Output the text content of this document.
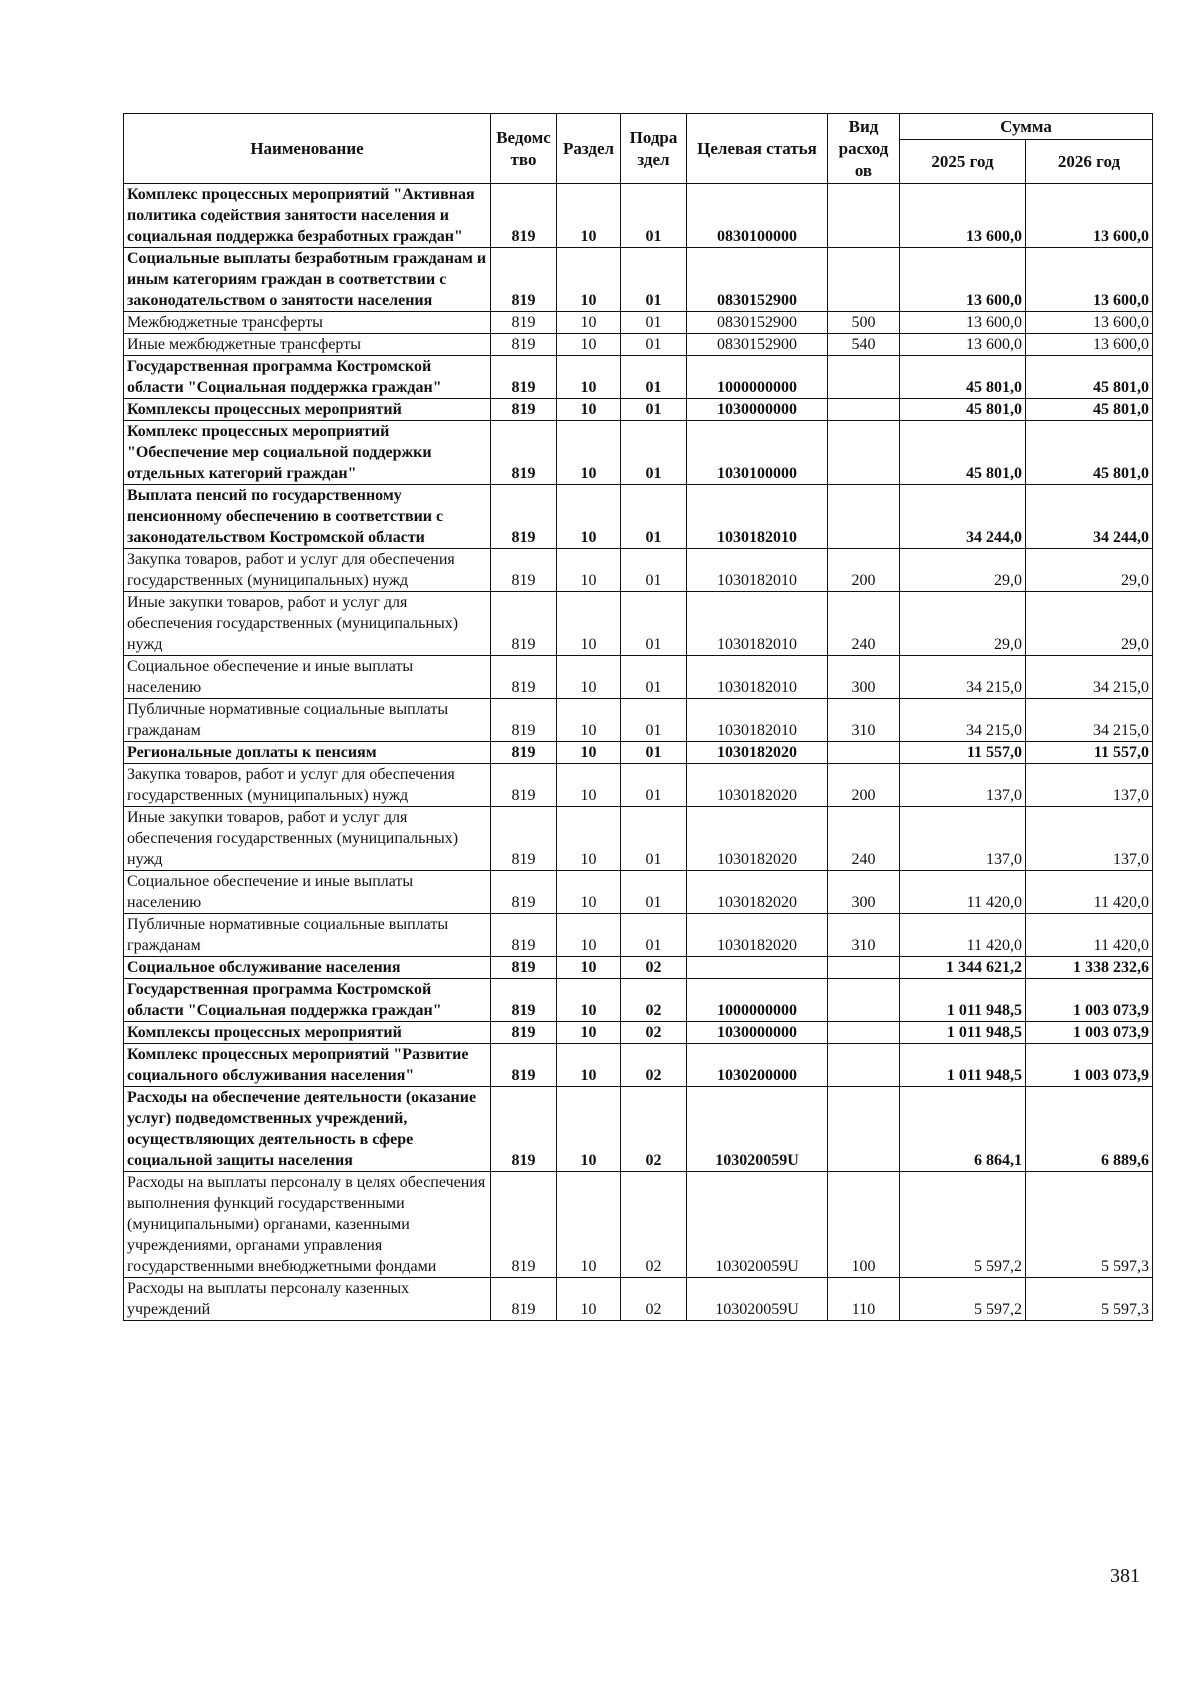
Наименование	Ведомс тво	Раздел	Подра здел	Целевая статья	Вид расход ов	Сумма	
						2025 год	2026 год
Комплекс процессных мероприятий "Активная политика содействия занятости населения и социальная поддержка безработных граждан"	819	10	01	0830100000		13 600,0	13 600,0
Социальные выплаты безработным гражданам и иным категориям граждан в соответствии с законодательством о занятости населения	819	10	01	0830152900		13 600,0	13 600,0
Межбюджетные трансферты	819	10	01	0830152900	500	13 600,0	13 600,0
Иные межбюджетные трансферты	819	10	01	0830152900	540	13 600,0	13 600,0
Государственная программа Костромской области "Социальная поддержка граждан"	819	10	01	1000000000		45 801,0	45 801,0
Комплексы процессных мероприятий	819	10	01	1030000000		45 801,0	45 801,0
Комплекс процессных мероприятий "Обеспечение мер социальной поддержки отдельных категорий граждан"	819	10	01	1030100000		45 801,0	45 801,0
Выплата пенсий по государственному пенсионному обеспечению в соответствии с законодательством Костромской области	819	10	01	1030182010		34 244,0	34 244,0
Закупка товаров, работ и услуг для обеспечения государственных (муниципальных) нужд	819	10	01	1030182010	200	29,0	29,0
Иные закупки товаров, работ и услуг для обеспечения государственных (муниципальных) нужд	819	10	01	1030182010	240	29,0	29,0
Социальное обеспечение и иные выплаты населению	819	10	01	1030182010	300	34 215,0	34 215,0
Публичные нормативные социальные выплаты гражданам	819	10	01	1030182010	310	34 215,0	34 215,0
Региональные доплаты к пенсиям	819	10	01	1030182020		11 557,0	11 557,0
Закупка товаров, работ и услуг для обеспечения государственных (муниципальных) нужд	819	10	01	1030182020	200	137,0	137,0
Иные закупки товаров, работ и услуг для обеспечения государственных (муниципальных) нужд	819	10	01	1030182020	240	137,0	137,0
Социальное обеспечение и иные выплаты населению	819	10	01	1030182020	300	11 420,0	11 420,0
Публичные нормативные социальные выплаты гражданам	819	10	01	1030182020	310	11 420,0	11 420,0
Социальное обслуживание населения	819	10	02			1 344 621,2	1 338 232,6
Государственная программа Костромской области "Социальная поддержка граждан"	819	10	02	1000000000		1 011 948,5	1 003 073,9
Комплексы процессных мероприятий	819	10	02	1030000000		1 011 948,5	1 003 073,9
Комплекс процессных мероприятий "Развитие социального обслуживания населения"	819	10	02	1030200000		1 011 948,5	1 003 073,9
Расходы на обеспечение деятельности (оказание услуг) подведомственных учреждений, осуществляющих деятельность в сфере социальной защиты населения	819	10	02	103020059U		6 864,1	6 889,6
Расходы на выплаты персоналу в целях обеспечения выполнения функций государственными (муниципальными) органами, казенными учреждениями, органами управления государственными внебюджетными фондами	819	10	02	103020059U	100	5 597,2	5 597,3
Расходы на выплаты персоналу казенных учреждений	819	10	02	103020059U	110	5 597,2	5 597,3
381
